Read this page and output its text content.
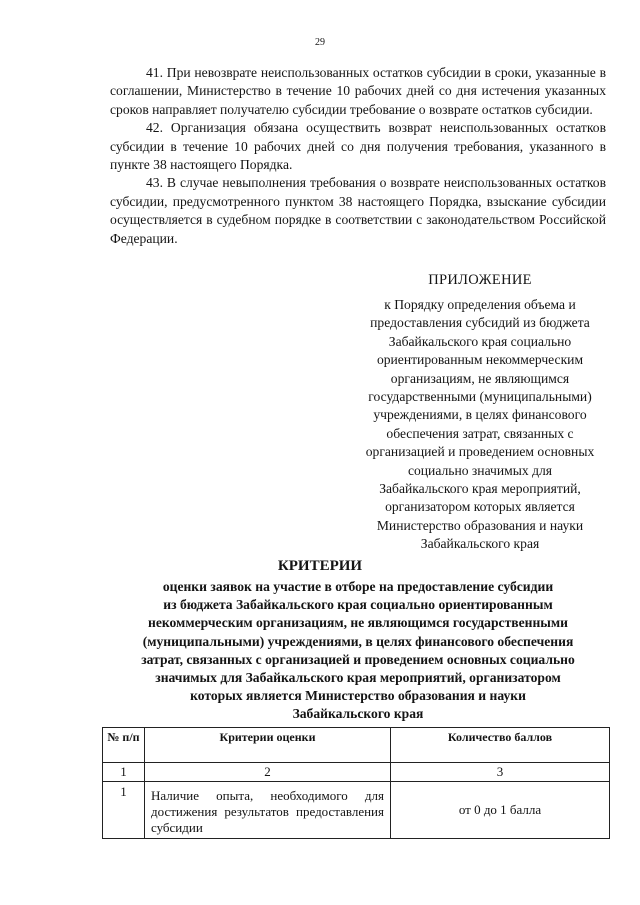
29

41. При невозврате неиспользованных остатков субсидии в сроки, указанные в соглашении, Министерство в течение 10 рабочих дней со дня истечения указанных сроков направляет получателю субсидии требование о возврате остатков субсидии.

42. Организация обязана осуществить возврат неиспользованных остатков субсидии в течение 10 рабочих дней со дня получения требования, указанного в пункте 38 настоящего Порядка.

43. В случае невыполнения требования о возврате неиспользованных остатков субсидии, предусмотренного пунктом 38 настоящего Порядка, взыскание субсидии осуществляется в судебном порядке в соответствии с законодательством Российской Федерации.

ПРИЛОЖЕНИЕ
к Порядку определения объема и
предоставления субсидий из бюджета
Забайкальского края социально
ориентированным некоммерческим
организациям, не являющимся
государственными (муниципальными)
учреждениями, в целях финансового
обеспечения затрат, связанных с
организацией и проведением основных
социально значимых для
Забайкальского края мероприятий,
организатором которых является
Министерство образования и науки
Забайкальского края
КРИТЕРИИ
оценки заявок на участие в отборе на предоставление субсидии
из бюджета Забайкальского края социально ориентированным
некоммерческим организациям, не являющимся государственными
(муниципальными) учреждениями, в целях финансового обеспечения
затрат, связанных с организацией и проведением основных социально
значимых для Забайкальского края мероприятий, организатором
которых является Министерство образования и науки
Забайкальского края
№ п/п	Критерии оценки	Количество баллов
1	2	3
1	Наличие опыта, необходимого для достижения результатов предоставления субсидии	от 0 до 1 балла
